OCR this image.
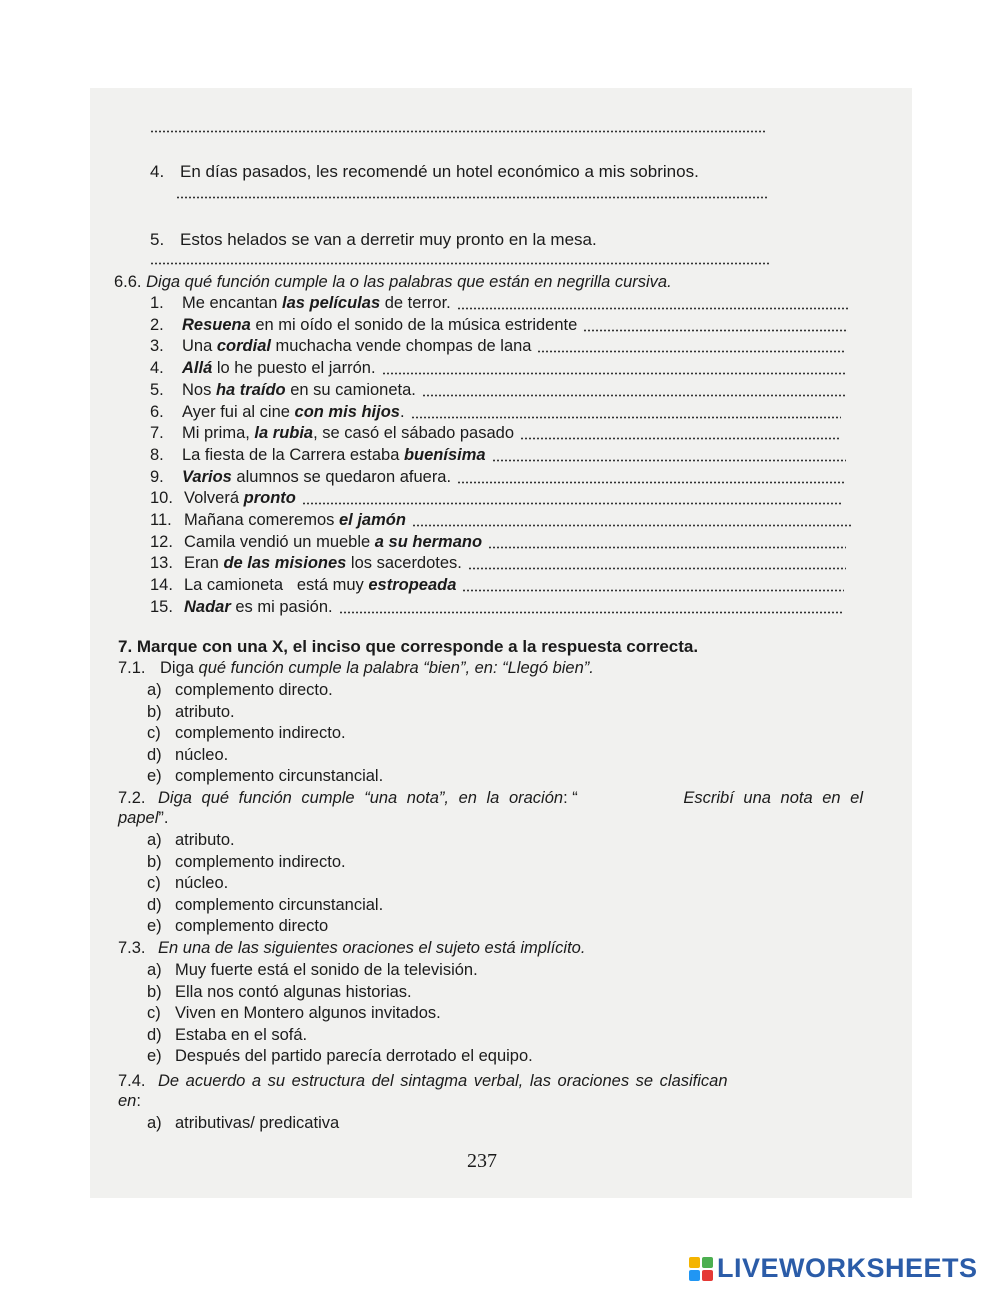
4. En días pasados, les recomendé un hotel económico a mis sobrinos.
5. Estos helados se van a derretir muy pronto en la mesa.
6.6. Diga qué función cumple la o las palabras que están en negrilla cursiva.
1. Me encantan las películas de terror.
2. Resuena en mi oído el sonido de la música estridente
3. Una cordial muchacha vende chompas de lana
4. Allá lo he puesto el jarrón.
5. Nos ha traído en su camioneta.
6. Ayer fui al cine con mis hijos.
7. Mi prima, la rubia, se casó el sábado pasado
8. La fiesta de la Carrera estaba buenísima
9. Varios alumnos se quedaron afuera.
10. Volverá pronto
11. Mañana comeremos el jamón
12. Camila vendió un mueble a su hermano
13. Eran de las misiones los sacerdotes.
14. La camioneta   está muy estropeada
15. Nadar es mi pasión.
7. Marque con una X, el inciso que corresponde a la respuesta correcta.
7.1. Diga qué función cumple la palabra “bien”, en: “Llegó bien”.
a) complemento directo.
b) atributo.
c) complemento indirecto.
d) núcleo.
e) complemento circunstancial.
7.2. Diga qué función cumple “una nota”, en la oración : “	Escribí una nota en el
papel”.
a) atributo.
b) complemento indirecto.
c) núcleo.
d) complemento circunstancial.
e) complemento directo
7.3. En una de las siguientes oraciones el sujeto está implícito.
a) Muy fuerte está el sonido de la televisión.
b) Ella nos contó algunas historias.
c) Viven en Montero algunos invitados.
d) Estaba en el sofá.
e) Después del partido parecía derrotado el equipo.
7.4. De acuerdo a su estructura del sintagma verbal, las oraciones se clasifican
en:
a) atributivas/ predicativa
237
LIVEWORKSHEETS
